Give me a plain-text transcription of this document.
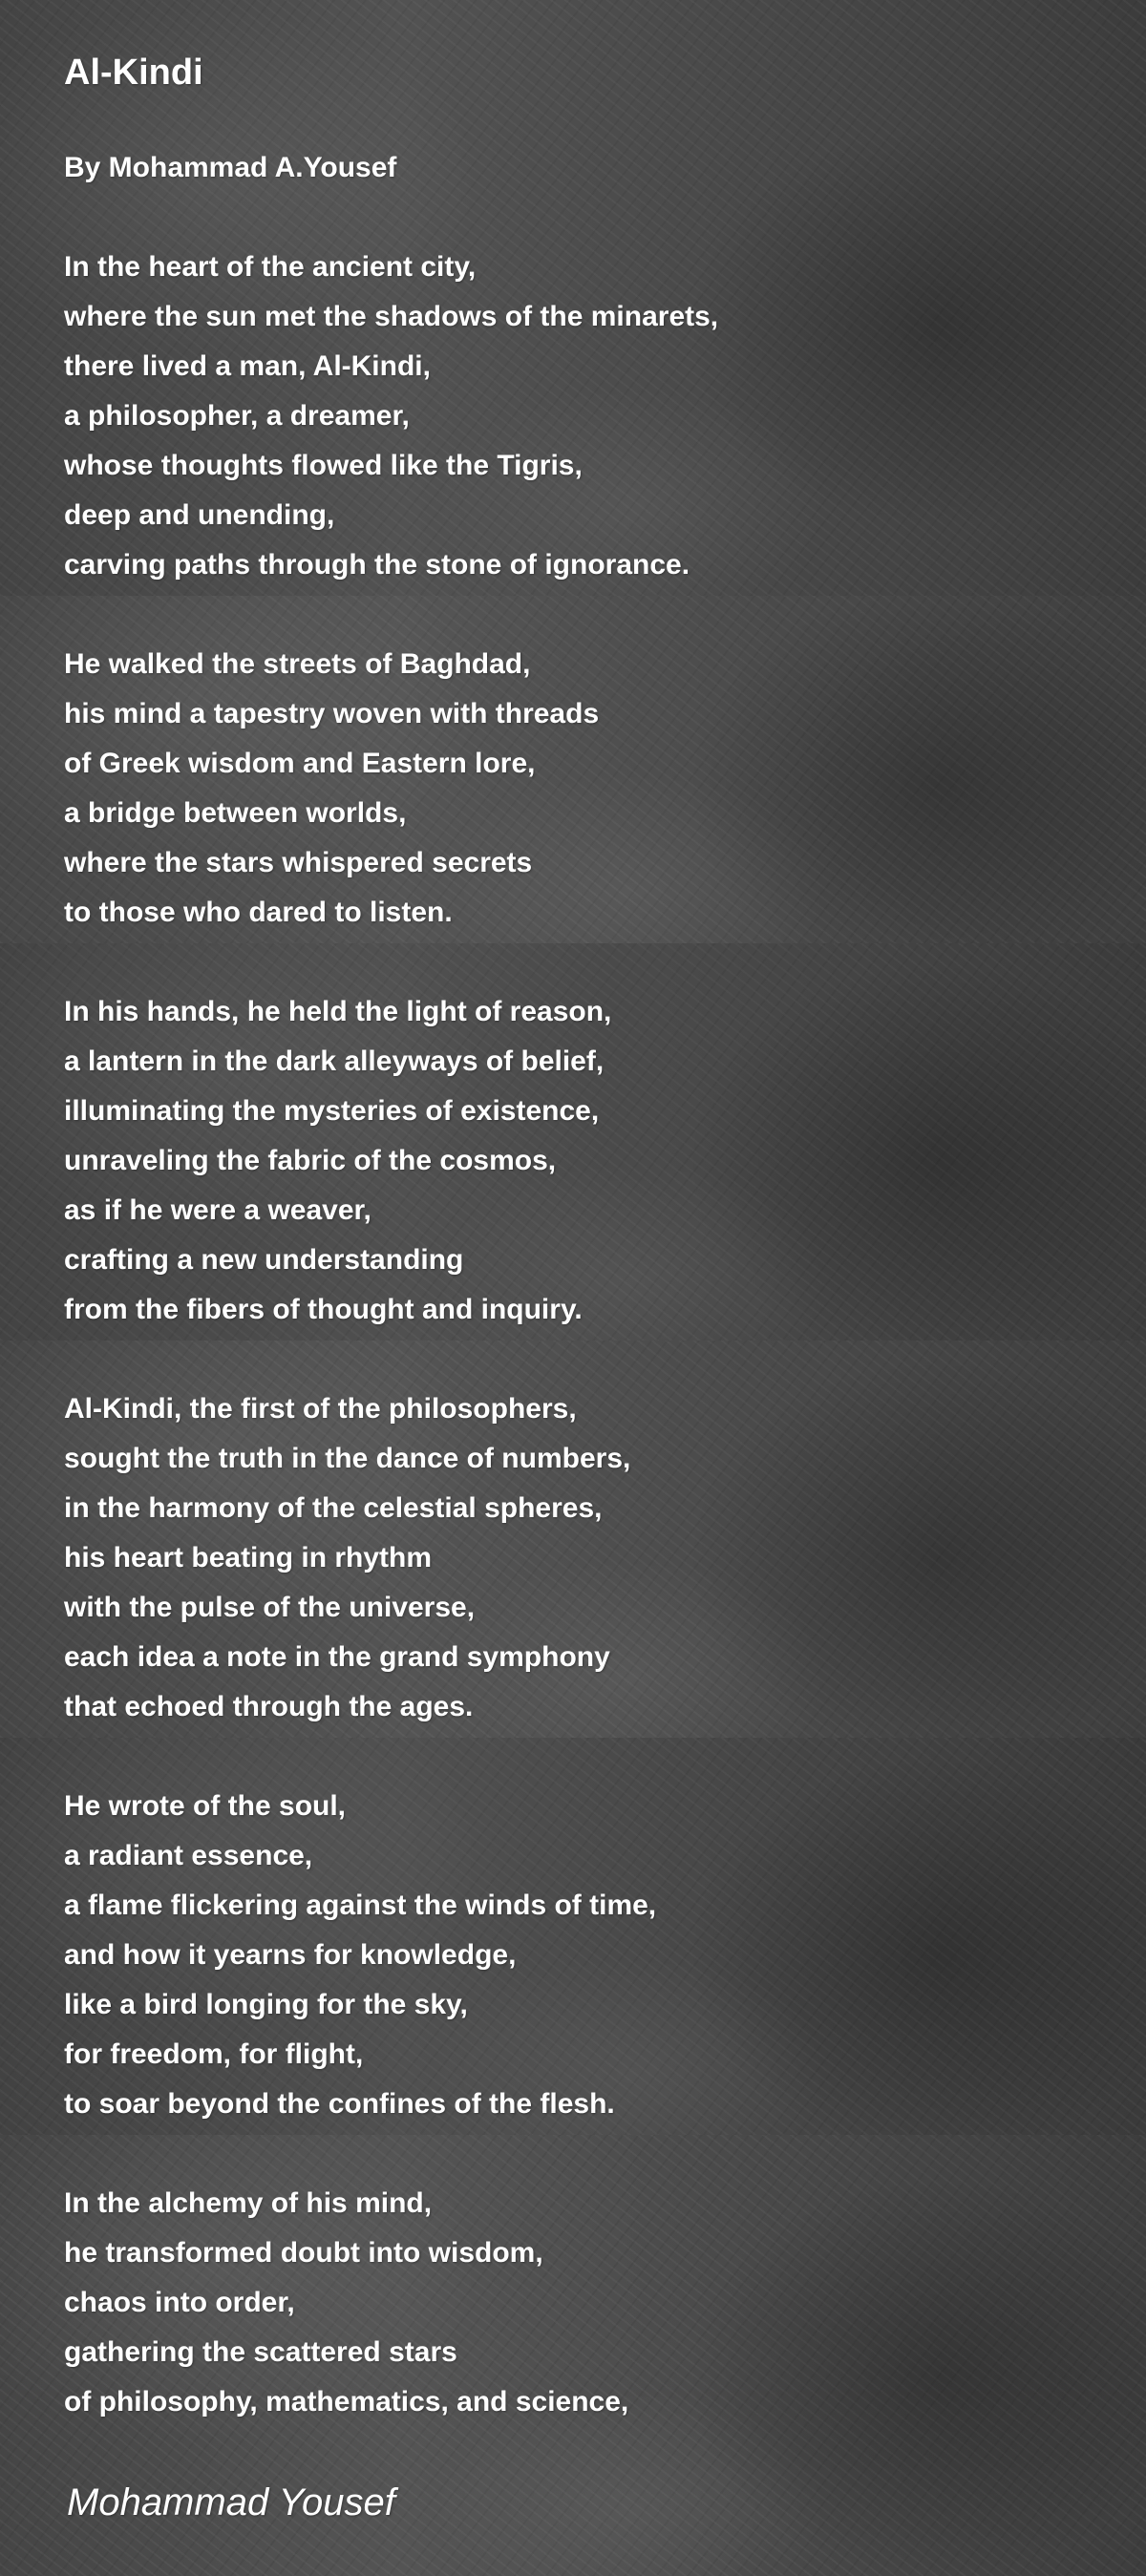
Al-Kindi
By Mohammad A.Yousef
In the heart of the ancient city,
where the sun met the shadows of the minarets,
there lived a man, Al-Kindi,
a philosopher, a dreamer,
whose thoughts flowed like the Tigris,
deep and unending,
carving paths through the stone of ignorance.
He walked the streets of Baghdad,
his mind a tapestry woven with threads
of Greek wisdom and Eastern lore,
a bridge between worlds,
where the stars whispered secrets
to those who dared to listen.
In his hands, he held the light of reason,
a lantern in the dark alleyways of belief,
illuminating the mysteries of existence,
unraveling the fabric of the cosmos,
as if he were a weaver,
crafting a new understanding
from the fibers of thought and inquiry.
Al-Kindi, the first of the philosophers,
sought the truth in the dance of numbers,
in the harmony of the celestial spheres,
his heart beating in rhythm
with the pulse of the universe,
each idea a note in the grand symphony
that echoed through the ages.
He wrote of the soul,
a radiant essence,
a flame flickering against the winds of time,
and how it yearns for knowledge,
like a bird longing for the sky,
for freedom, for flight,
to soar beyond the confines of the flesh.
In the alchemy of his mind,
he transformed doubt into wisdom,
chaos into order,
gathering the scattered stars
of philosophy, mathematics, and science,
Mohammad Yousef
